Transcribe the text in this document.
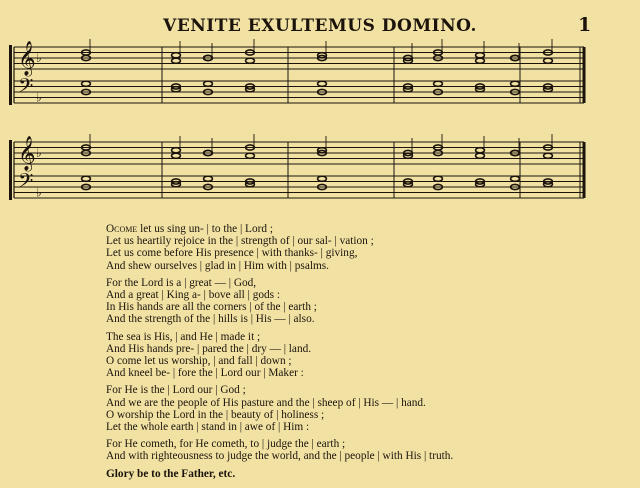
VENITE EXULTEMUS DOMINO.	1
♭
♭
♭
♭
𝄞
𝄢
𝄞
𝄢
Ocome let us sing un- | to the | Lord ;
Let us heartily rejoice in the | strength of | our sal- | vation ;
Let us come before His presence | with thanks- | giving,
And shew ourselves | glad in | Him with | psalms.
For the Lord is a | great — | God,
And a great | King a- | bove all | gods :
In His hands are all the corners | of the | earth ;
And the strength of the | hills is | His — | also.
The sea is His, | and He | made it ;
And His hands pre- | pared the | dry — | land.
O come let us worship, | and fall | down ;
And kneel be- | fore the | Lord our | Maker :
For He is the | Lord our | God ;
And we are the people of His pasture and the | sheep of | His — | hand.
O worship the Lord in the | beauty of | holiness ;
Let the whole earth | stand in | awe of | Him :
For He cometh, for He cometh, to | judge the | earth ;
And with righteousness to judge the world, and the | people | with His | truth.
Glory be to the Father, etc.
